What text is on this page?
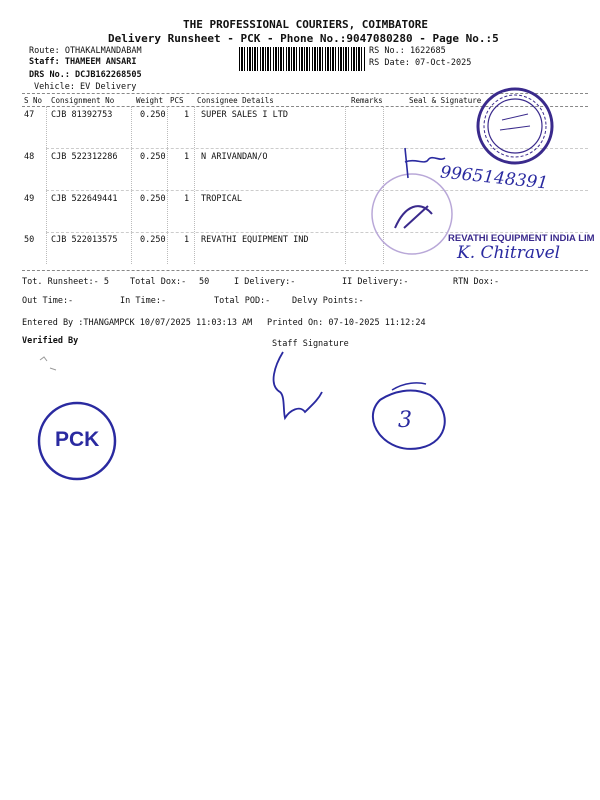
THE PROFESSIONAL COURIERS, COIMBATORE
Delivery Runsheet - PCK - Phone No.:9047080280 - Page No.:5
Route: OTHAKALMANDABAM
Staff: THAMEEM ANSARI
DRS No.: DCJB162268505
Vehicle: EV Delivery
RS No.: 1622685
RS Date: 07-Oct-2025
S No Consignment No	Weight PCS Consignee Details	Remarks	Seal & Signature
47 CJB 81392753	0.250 1 SUPER SALES I LTD
48 CJB 522312286	0.250 1 N ARIVANDAN/O
49 CJB 522649441	0.250 1 TROPICAL
50 CJB 522013575	0.250 1 REVATHI EQUIPMENT IND
Tot. Runsheet:- 5 Total Dox:- 50	I Delivery:-	II Delivery:-	RTN Dox:-
Out Time:-	In Time:-	Total POD:-	Delvy Points:-
Entered By :THANGAMPCK 10/07/2025 11:03:13 AM Printed On: 07-10-2025 11:12:24
Verified By	Staff Signature
9965148391
REVATHI EQUIPMENT INDIA LIM
K. Chitravel
PCK
3
